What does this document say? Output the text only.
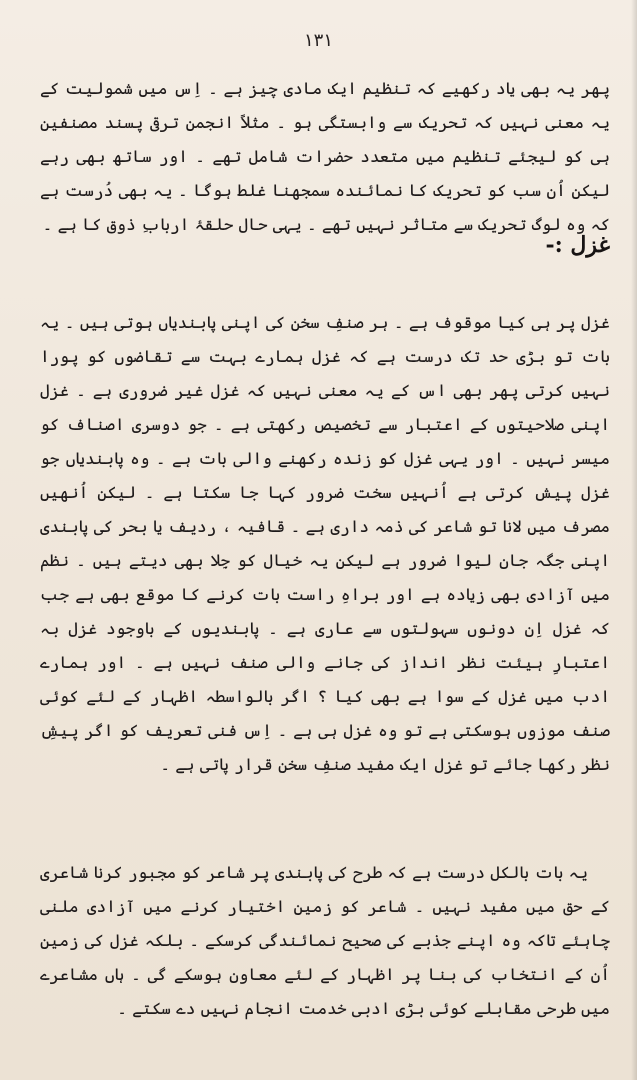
۱۳۱

پھر یہ بھی یاد رکھیے کہ تنظیم ایک مادی چیز ہے ۔ اِس میں شمولیت کے یہ معنی نہیں کہ تحریک سے وابستگی ہو ۔ مثلاً انجمن ترقی پسند مصنفین ہی کو لیجئے تنظیم میں متعدد حضرات شامل تھے ۔ اور ساتھ بھی رہے لیکن اُن سب کو تحریک کا نمائندہ سمجھنا غلط ہوگا ۔ یہ بھی دُرست ہے کہ وہ لوگ تحریک سے متاثر نہیں تھے ۔ یہی حال حلقۂ اربابِ ذوق کا ہے ۔

غزل :-

غزل پر ہی کیا موقوف ہے ۔ ہر صنفِ سخن کی اپنی پابندیاں ہوتی ہیں ۔ یہ بات تو بڑی حد تک درست ہے کہ غزل ہمارے بہت سے تقاضوں کو پورا نہیں کرتی پھر بھی اس کے یہ معنی نہیں کہ غزل غیر ضروری ہے ۔ غزل اپنی صلاحیتوں کے اعتبار سے تخصیص رکھتی ہے ۔ جو دوسری اصناف کو میسر نہیں ۔ اور یہی غزل کو زندہ رکھنے والی بات ہے ۔ وہ پابندیاں جو غزل پیش کرتی ہے اُنہیں سخت ضرور کہا جا سکتا ہے ۔ لیکن اُنھیں مصرف میں لانا تو شاعر کی ذمہ داری ہے ۔ قافیہ ، ردیف یا بحر کی پابندی اپنی جگہ جان لیوا ضرور ہے لیکن یہ خیال کو جِلا بھی دیتے ہیں ۔ نظم میں آزادی بھی زیادہ ہے اور براہِ راست بات کرنے کا موقع بھی ہے جب کہ غزل اِن دونوں سہولتوں سے عاری ہے ۔ پابندیوں کے باوجود غزل بہ اعتبارِ ہیئت نظر انداز کی جانے والی صنف نہیں ہے ۔ اور ہمارے ادب میں غزل کے سوا ہے بھی کیا ؟ اگر بالواسطہ اظہار کے لئے کوئی صنف موزوں ہوسکتی ہے تو وہ غزل ہی ہے ۔ اِس فنی تعریف کو اگر پیشِ نظر رکھا جائے تو غزل ایک مفید صنفِ سخن قرار پاتی ہے ۔

یہ بات بالکل درست ہے کہ طرح کی پابندی پر شاعر کو مجبور کرنا شاعری کے حق میں مفید نہیں ۔ شاعر کو زمین اختیار کرنے میں آزادی ملنی چاہئے تاکہ وہ اپنے جذبے کی صحیح نمائندگی کرسکے ۔ بلکہ غزل کی زمین اُن کے انتخاب کی بنا پر اظہار کے لئے معاون ہوسکے گی ۔ ہاں مشاعرے میں طرحی مقابلے کوئی بڑی ادبی خدمت انجام نہیں دے سکتے ۔
